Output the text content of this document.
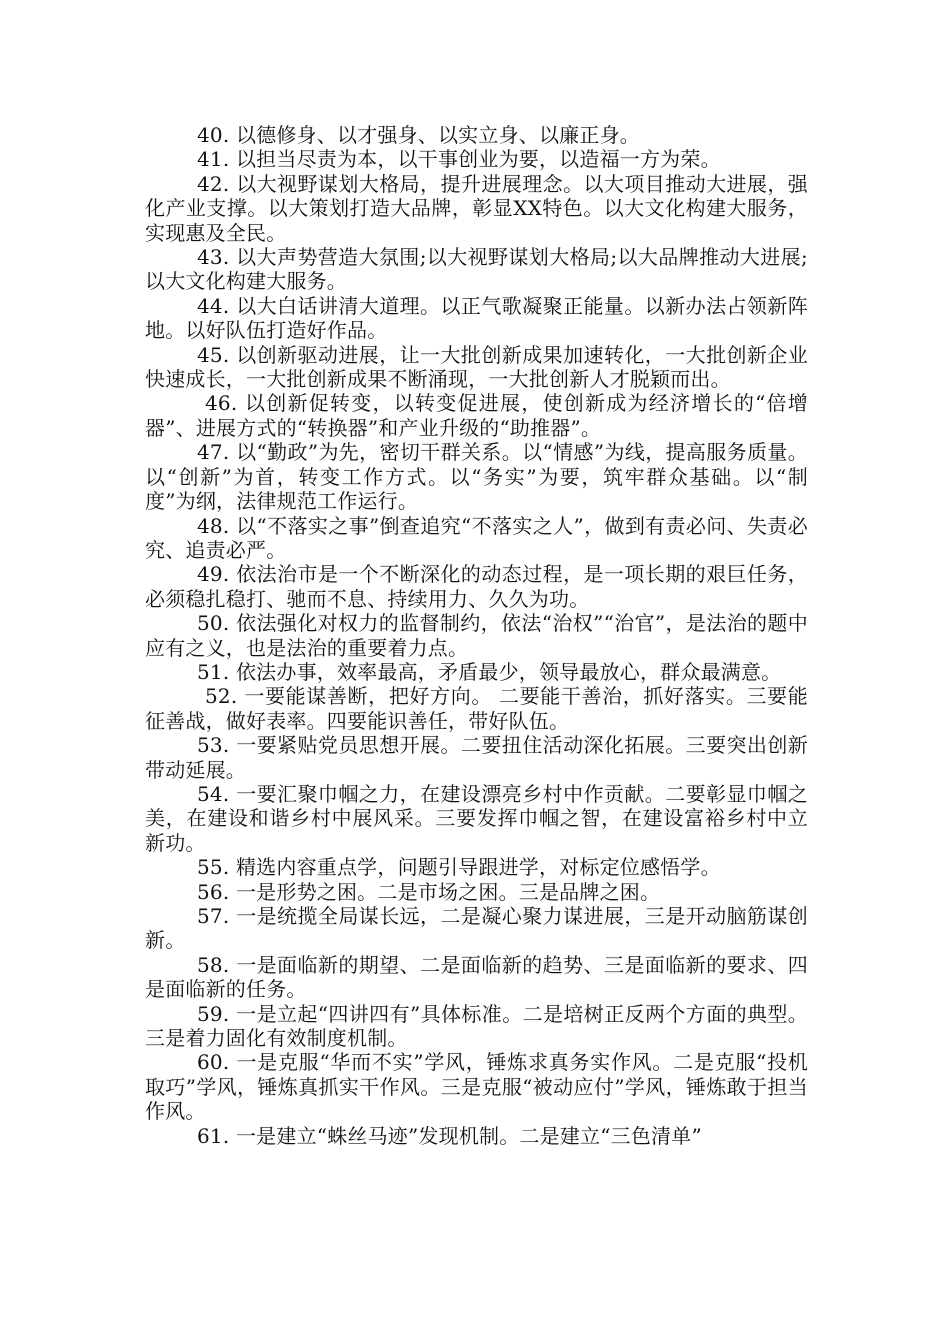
40. 以德修身、以才强身、以实立身、以廉正身。

41. 以担当尽责为本，以干事创业为要，以造福一方为荣。

42. 以大视野谋划大格局，提升进展理念。以大项目推动大进展，强化产业支撑。以大策划打造大品牌，彰显XX特色。以大文化构建大服务，实现惠及全民。

43. 以大声势营造大氛围;以大视野谋划大格局;以大品牌推动大进展;以大文化构建大服务。

44. 以大白话讲清大道理。以正气歌凝聚正能量。以新办法占领新阵地。以好队伍打造好作品。

45. 以创新驱动进展，让一大批创新成果加速转化，一大批创新企业快速成长，一大批创新成果不断涌现，一大批创新人才脱颖而出。

46. 以创新促转变，以转变促进展，使创新成为经济增长的“倍增器”、进展方式的“转换器”和产业升级的“助推器”。

47. 以“勤政”为先，密切干群关系。以“情感”为线，提高服务质量。以“创新”为首，转变工作方式。以“务实”为要，筑牢群众基础。以“制度”为纲，法律规范工作运行。

48. 以“不落实之事”倒查追究“不落实之人”，做到有责必问、失责必究、追责必严。

49. 依法治市是一个不断深化的动态过程，是一项长期的艰巨任务，必须稳扎稳打、驰而不息、持续用力、久久为功。

50. 依法强化对权力的监督制约，依法“治权”“治官”，是法治的题中应有之义，也是法治的重要着力点。

51. 依法办事，效率最高，矛盾最少，领导最放心，群众最满意。

52. 一要能谋善断，把好方向。 二要能干善治，抓好落实。三要能征善战，做好表率。四要能识善任，带好队伍。

53. 一要紧贴党员思想开展。二要扭住活动深化拓展。三要突出创新带动延展。

54. 一要汇聚巾帼之力，在建设漂亮乡村中作贡献。二要彰显巾帼之美，在建设和谐乡村中展风采。三要发挥巾帼之智，在建设富裕乡村中立新功。

55. 精选内容重点学，问题引导跟进学，对标定位感悟学。

56. 一是形势之困。二是市场之困。三是品牌之困。

57. 一是统揽全局谋长远，二是凝心聚力谋进展，三是开动脑筋谋创新。

58. 一是面临新的期望、二是面临新的趋势、三是面临新的要求、四是面临新的任务。

59. 一是立起“四讲四有”具体标准。二是培树正反两个方面的典型。三是着力固化有效制度机制。

60. 一是克服“华而不实”学风，锤炼求真务实作风。二是克服“投机取巧”学风，锤炼真抓实干作风。三是克服“被动应付”学风，锤炼敢于担当作风。

61. 一是建立“蛛丝马迹”发现机制。二是建立“三色清单”
